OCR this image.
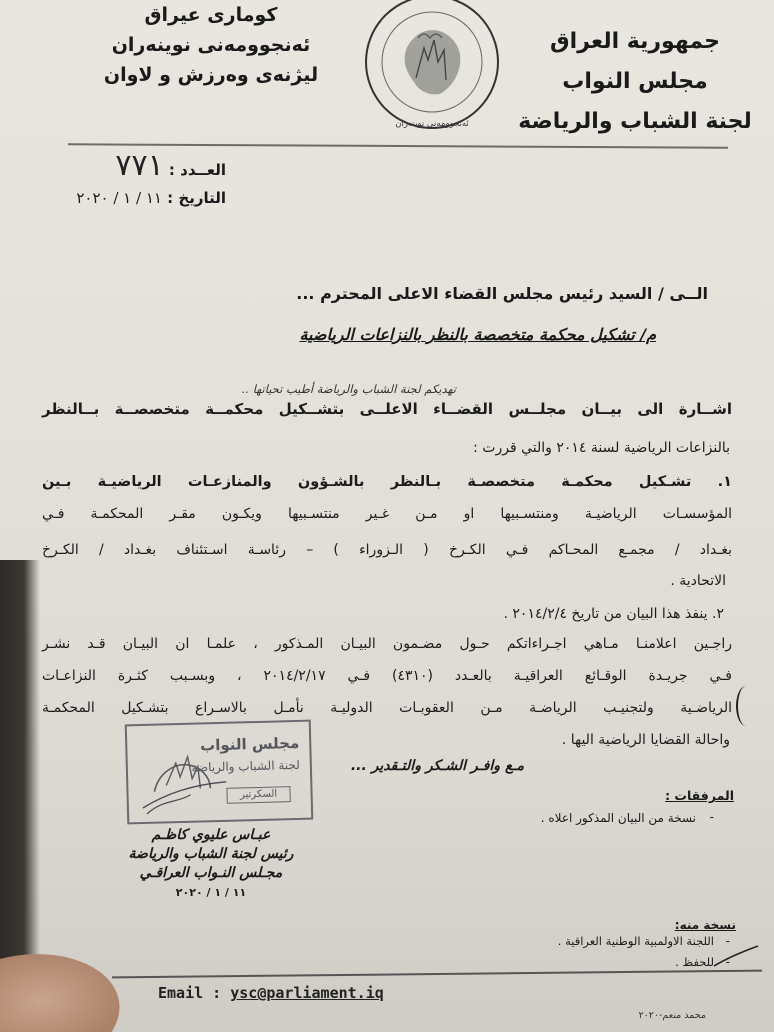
جمهورية العراق
مجلس النواب
لجنة الشباب والرياضة
كومارى عيراق
ئەنجوومەنى نوينەران
ليژنەى وەرزش و لاوان
ئەنجوومەنى نوينەران
العــدد : ٧٧١
التاريخ : ١١ / ١ / ٢٠٢٠
الــى / السيد رئيس مجلس القضاء الاعلى المحترم ...
م/ تشكيل محكمة متخصصة بالنظر بالنزاعات الرياضية
تهديكم لجنة الشباب والرياضة أطيب تحياتها ..
اشــارة الى بيــان مجلــس القضــاء الاعلــى بتشــكيل محكمــة متخصصــة بــالنظر
بالنزاعات الرياضية لسنة ٢٠١٤ والتي قررت :
١. تشـكيل محكمـة متخصصـة بـالنظر بالشـؤون والمنازعـات الرياضيـة بـين
المؤسسـات الرياضيـة ومنتسـبيها او مـن غـير منتسـبيها ويكـون مقـر المحكمـة فـي
بغـداد / مجمـع المحـاكم فـي الكـرخ ( الـزوراء ) – رئاسـة اسـتئناف بغـداد / الكـرخ
الاتحادية .
٢. ينفذ هذا البيان من تاريخ ٢٠١٤/٢/٤ .
راجـين اعلامنـا مـاهي اجـراءاتكم حـول مضـمون البيـان المـذكور ، علمـا ان البيـان قـد نشـر
فـي جريـدة الوقـائع العراقيـة بالعـدد (٤٣١٠) فـي ٢٠١٤/٢/١٧ ، وبسـبب كثـرة النزاعـات
الرياضـية ولتجنيـب الرياضـة مـن العقوبـات الدوليـة نأمـل بالاسـراع بتشـكيل المحكمـة
واحالة القضايا الرياضية اليها .
مـع وافـر الشـكر والتـقدير ...
مجلس النواب
لجنة الشباب والرياضة
السكرتير	المرفقات :
-
نسخة من البيان المذكور اعلاه .
عبـاس عليوي كاظـم
رئيس لجنة الشباب والرياضة
مجـلس النـواب العراقـي
١١ / ١ / ٢٠٢٠
نسخة منه:
-
اللجنة الاولمبية الوطنية العراقية .
-
للحفظ .
Email : ysc@parliament.iq
محمد منعم-٢٠٢٠
